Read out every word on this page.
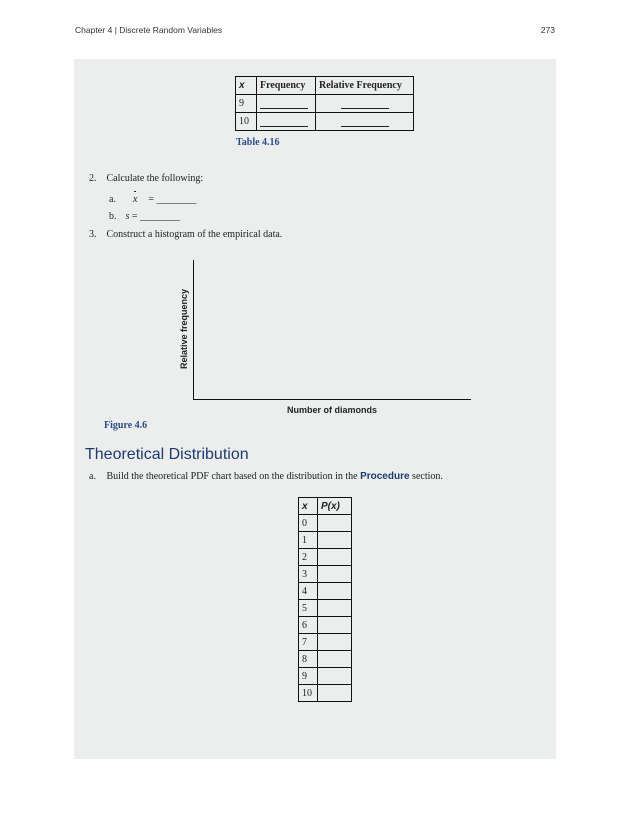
Chapter 4 | Discrete Random Variables	273
x	Frequency	Relative Frequency
9		
10		
Table 4.16
2. Calculate the following:
a. x = ________
b. s = ________
3. Construct a histogram of the empirical data.
Relative frequency
Number of diamonds
Figure 4.6
Theoretical Distribution
a. Build the theoretical PDF chart based on the distribution in the Procedure section.
x	P(x)
0	
1	
2	
3	
4	
5	
6	
7	
8	
9	
10	
